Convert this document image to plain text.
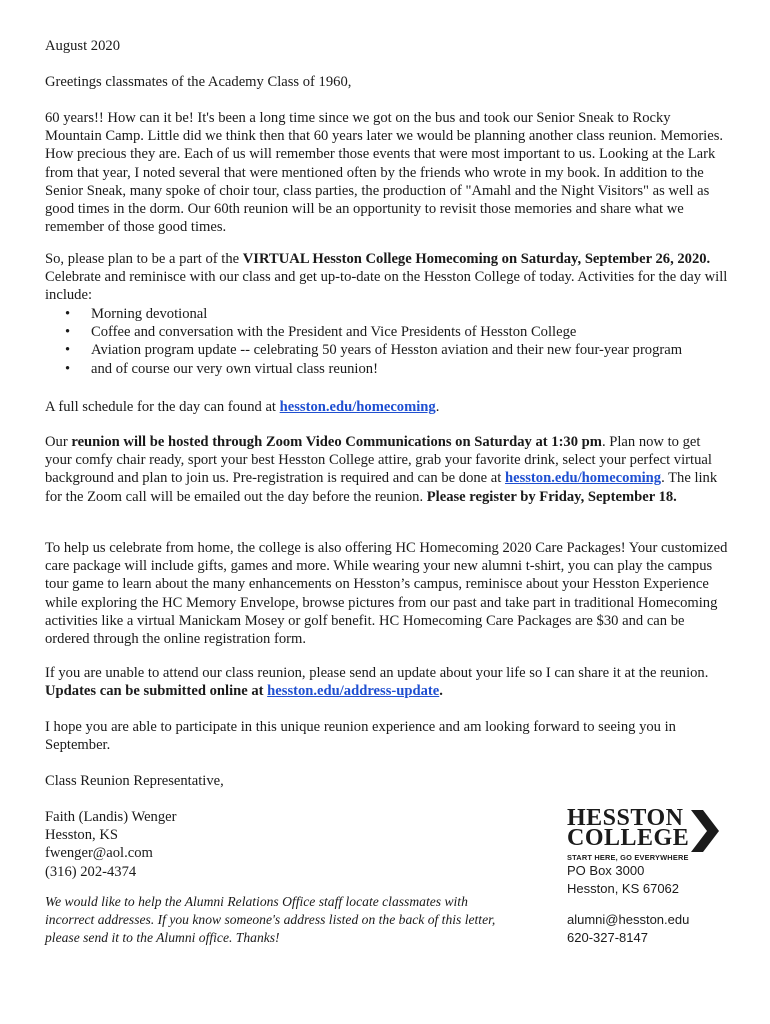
August 2020

Greetings classmates of the Academy Class of 1960,

60 years!! How can it be! It's been a long time since we got on the bus and took our Senior Sneak to Rocky Mountain Camp. Little did we think then that 60 years later we would be planning another class reunion. Memories. How precious they are. Each of us will remember those events that were most important to us. Looking at the Lark from that year, I noted several that were mentioned often by the friends who wrote in my book. In addition to the Senior Sneak, many spoke of choir tour, class parties, the production of "Amahl and the Night Visitors" as well as good times in the dorm. Our 60th reunion will be an opportunity to revisit those memories and share what we remember of those good times.

So, please plan to be a part of the VIRTUAL Hesston College Homecoming on Saturday, September 26, 2020. Celebrate and reminisce with our class and get up-to-date on the Hesston College of today. Activities for the day will include:

• Morning devotional
• Coffee and conversation with the President and Vice Presidents of Hesston College
• Aviation program update -- celebrating 50 years of Hesston aviation and their new four-year program
• and of course our very own virtual class reunion!

A full schedule for the day can found at hesston.edu/homecoming.

Our reunion will be hosted through Zoom Video Communications on Saturday at 1:30 pm. Plan now to get your comfy chair ready, sport your best Hesston College attire, grab your favorite drink, select your perfect virtual background and plan to join us. Pre-registration is required and can be done at hesston.edu/homecoming. The link for the Zoom call will be emailed out the day before the reunion. Please register by Friday, September 18.

To help us celebrate from home, the college is also offering HC Homecoming 2020 Care Packages! Your customized care package will include gifts, games and more. While wearing your new alumni t-shirt, you can play the campus tour game to learn about the many enhancements on Hesston’s campus, reminisce about your Hesston Experience while exploring the HC Memory Envelope, browse pictures from our past and take part in traditional Homecoming activities like a virtual Manickam Mosey or golf benefit. HC Homecoming Care Packages are $30 and can be ordered through the online registration form.

If you are unable to attend our class reunion, please send an update about your life so I can share it at the reunion. Updates can be submitted online at hesston.edu/address-update.

I hope you are able to participate in this unique reunion experience and am looking forward to seeing you in September.

Class Reunion Representative,

Faith (Landis) Wenger
Hesston, KS
fwenger@aol.com
(316) 202-4374

We would like to help the Alumni Relations Office staff locate classmates with incorrect addresses. If you know someone's address listed on the back of this letter, please send it to the Alumni office. Thanks!

HESSTON
COLLEGE
START HERE, GO EVERYWHERE
PO Box 3000
Hesston, KS 67062
alumni@hesston.edu
620-327-8147
